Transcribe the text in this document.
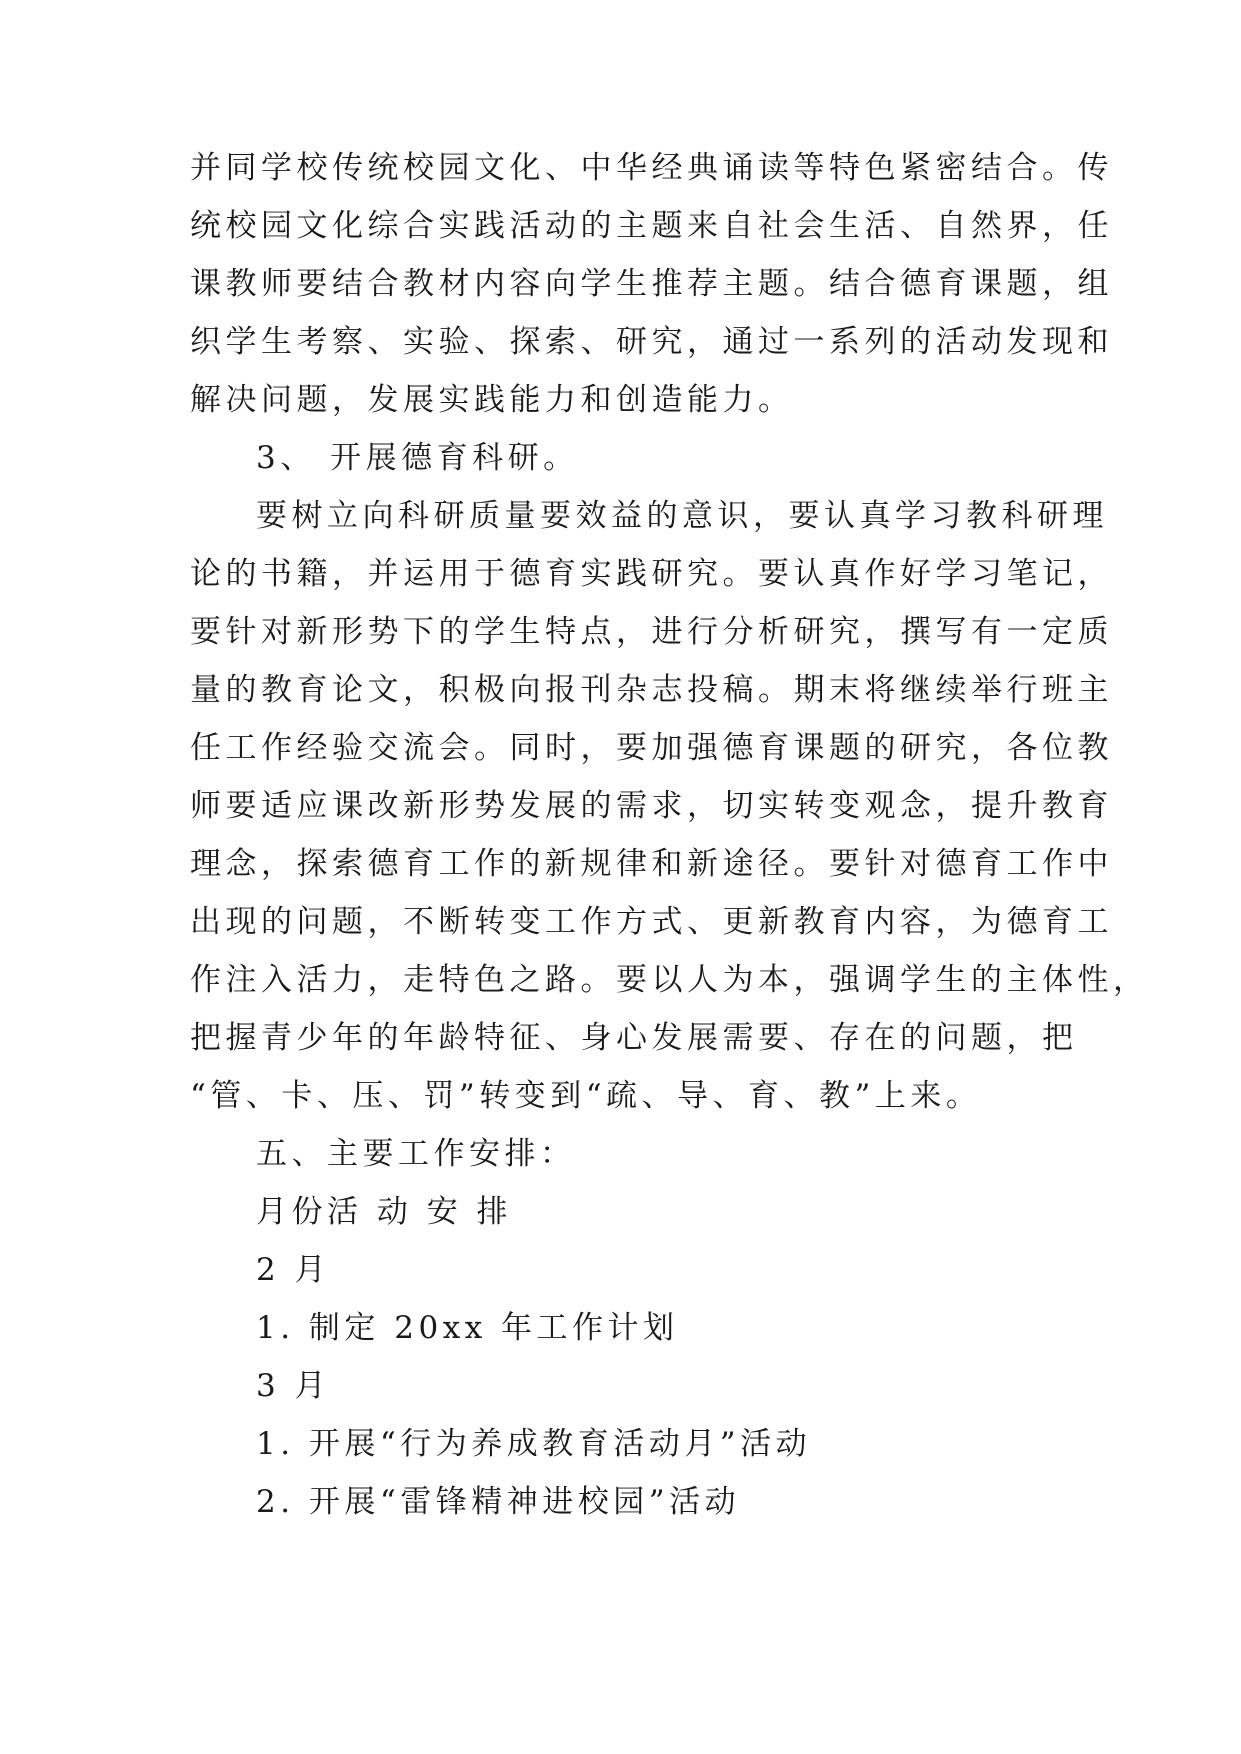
并同学校传统校园文化、中华经典诵读等特色紧密结合。传
统校园文化综合实践活动的主题来自社会生活、自然界，任
课教师要结合教材内容向学生推荐主题。结合德育课题，组
织学生考察、实验、探索、研究，通过一系列的活动发现和
解决问题，发展实践能力和创造能力。
3、 开展德育科研。
要树立向科研质量要效益的意识，要认真学习教科研理
论的书籍，并运用于德育实践研究。要认真作好学习笔记，
要针对新形势下的学生特点，进行分析研究，撰写有一定质
量的教育论文，积极向报刊杂志投稿。期末将继续举行班主
任工作经验交流会。同时，要加强德育课题的研究，各位教
师要适应课改新形势发展的需求，切实转变观念，提升教育
理念，探索德育工作的新规律和新途径。要针对德育工作中
出现的问题，不断转变工作方式、更新教育内容，为德育工
作注入活力，走特色之路。要以人为本，强调学生的主体性，
把握青少年的年龄特征、身心发展需要、存在的问题，把
“管、卡、压、罚”转变到“疏、导、育、教”上来。
五、主要工作安排：
月份活 动 安 排
2 月
1. 制定 20xx 年工作计划
3 月
1. 开展“行为养成教育活动月”活动
2. 开展“雷锋精神进校园”活动
